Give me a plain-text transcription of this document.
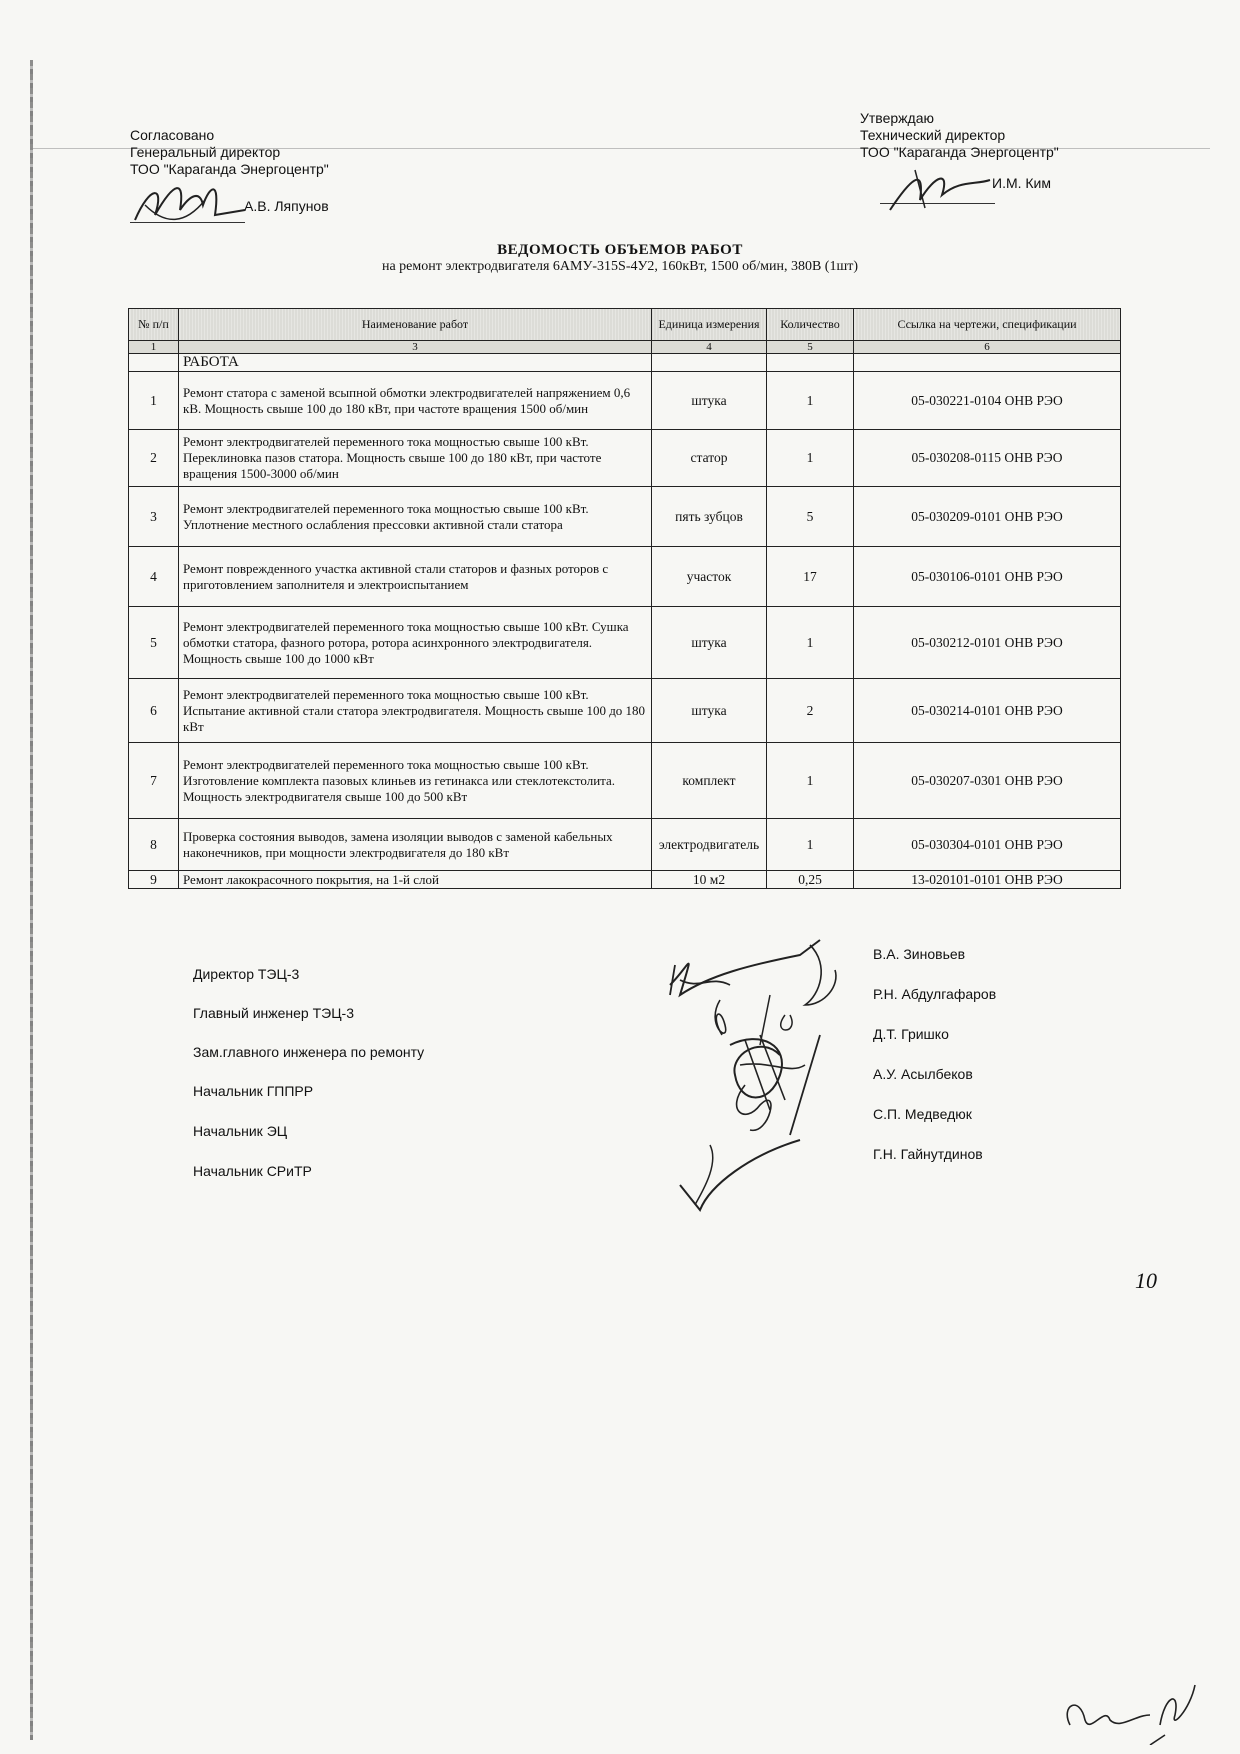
Согласовано
Генеральный директор
ТОО "Караганда Энергоцентр"
А.В. Ляпунов
Утверждаю
Технический директор
ТОО "Караганда Энергоцентр"
И.М. Ким
ВЕДОМОСТЬ ОБЪЕМОВ РАБОТ
на ремонт электродвигателя 6АМУ-315S-4У2, 160кВт, 1500 об/мин, 380В (1шт)
№ п/п	Наименование работ	Единица измерения	Количество	Ссылка на чертежи, спецификации
1	3	4	5	6
	РАБОТА			
1	Ремонт статора с заменой всыпной обмотки электродвигателей напряжением 0,6 кВ. Мощность свыше 100 до 180 кВт, при частоте вращения 1500 об/мин	штука	1	05-030221-0104 ОНВ РЭО
2	Ремонт электродвигателей переменного тока мощностью свыше 100 кВт. Переклиновка пазов статора. Мощность свыше 100 до 180 кВт, при частоте вращения 1500-3000 об/мин	статор	1	05-030208-0115 ОНВ РЭО
3	Ремонт электродвигателей переменного тока мощностью свыше 100 кВт. Уплотнение местного ослабления прессовки активной стали статора	пять зубцов	5	05-030209-0101 ОНВ РЭО
4	Ремонт поврежденного участка активной стали статоров и фазных роторов с приготовлением заполнителя и электроиспытанием	участок	17	05-030106-0101 ОНВ РЭО
5	Ремонт электродвигателей переменного тока мощностью свыше 100 кВт. Сушка обмотки статора, фазного ротора, ротора асинхронного электродвигателя. Мощность свыше 100 до 1000 кВт	штука	1	05-030212-0101 ОНВ РЭО
6	Ремонт электродвигателей переменного тока мощностью свыше 100 кВт. Испытание активной стали статора электродвигателя. Мощность свыше 100 до 180 кВт	штука	2	05-030214-0101 ОНВ РЭО
7	Ремонт электродвигателей переменного тока мощностью свыше 100 кВт. Изготовление комплекта пазовых клиньев из гетинакса или стеклотекстолита. Мощность электродвигателя свыше 100 до 500 кВт	комплект	1	05-030207-0301 ОНВ РЭО
8	Проверка состояния выводов, замена изоляции выводов с заменой кабельных наконечников, при мощности электродвигателя до 180 кВт	электродвигатель	1	05-030304-0101 ОНВ РЭО
9	Ремонт лакокрасочного покрытия, на 1-й слой	10 м2	0,25	13-020101-0101 ОНВ РЭО
В.А. Зиновьев
Директор ТЭЦ-3
Р.Н. Абдулгафаров
Главный инженер ТЭЦ-3
Д.Т. Гришко
Зам.главного инженера по ремонту
А.У. Асылбеков
Начальник ГППРР
С.П. Медведюк
Начальник ЭЦ
Г.Н. Гайнутдинов
Начальник СРиТР
10
